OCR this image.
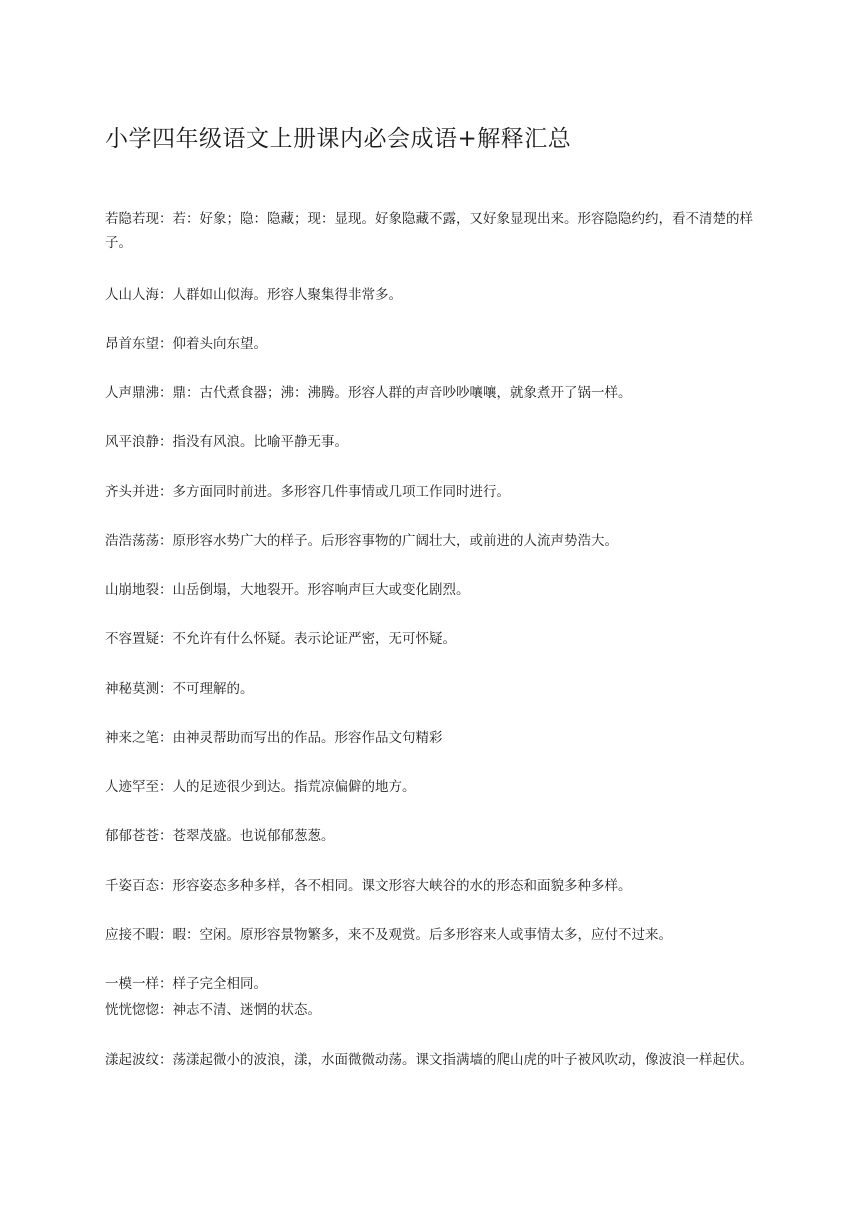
小学四年级语文上册课内必会成语+解释汇总
若隐若现：若：好象；隐：隐藏；现：显现。好象隐藏不露，又好象显现出来。形容隐隐约约，看不清楚的样子。
人山人海：人群如山似海。形容人聚集得非常多。
昂首东望：仰着头向东望。
人声鼎沸：鼎：古代煮食器；沸：沸腾。形容人群的声音吵吵嚷嚷，就象煮开了锅一样。
风平浪静：指没有风浪。比喻平静无事。
齐头并进：多方面同时前进。多形容几件事情或几项工作同时进行。
浩浩荡荡：原形容水势广大的样子。后形容事物的广阔壮大，或前进的人流声势浩大。
山崩地裂：山岳倒塌，大地裂开。形容响声巨大或变化剧烈。
不容置疑：不允许有什么怀疑。表示论证严密，无可怀疑。
神秘莫测：不可理解的。
神来之笔：由神灵帮助而写出的作品。形容作品文句精彩
人迹罕至：人的足迹很少到达。指荒凉偏僻的地方。
郁郁苍苍：苍翠茂盛。也说郁郁葱葱。
千姿百态：形容姿态多种多样，各不相同。课文形容大峡谷的水的形态和面貌多种多样。
应接不暇：暇：空闲。原形容景物繁多，来不及观赏。后多形容来人或事情太多，应付不过来。
一模一样：样子完全相同。
恍恍惚惚：神志不清、迷惘的状态。
漾起波纹：荡漾起微小的波浪，漾，水面微微动荡。课文指满墙的爬山虎的叶子被风吹动，像波浪一样起伏。
